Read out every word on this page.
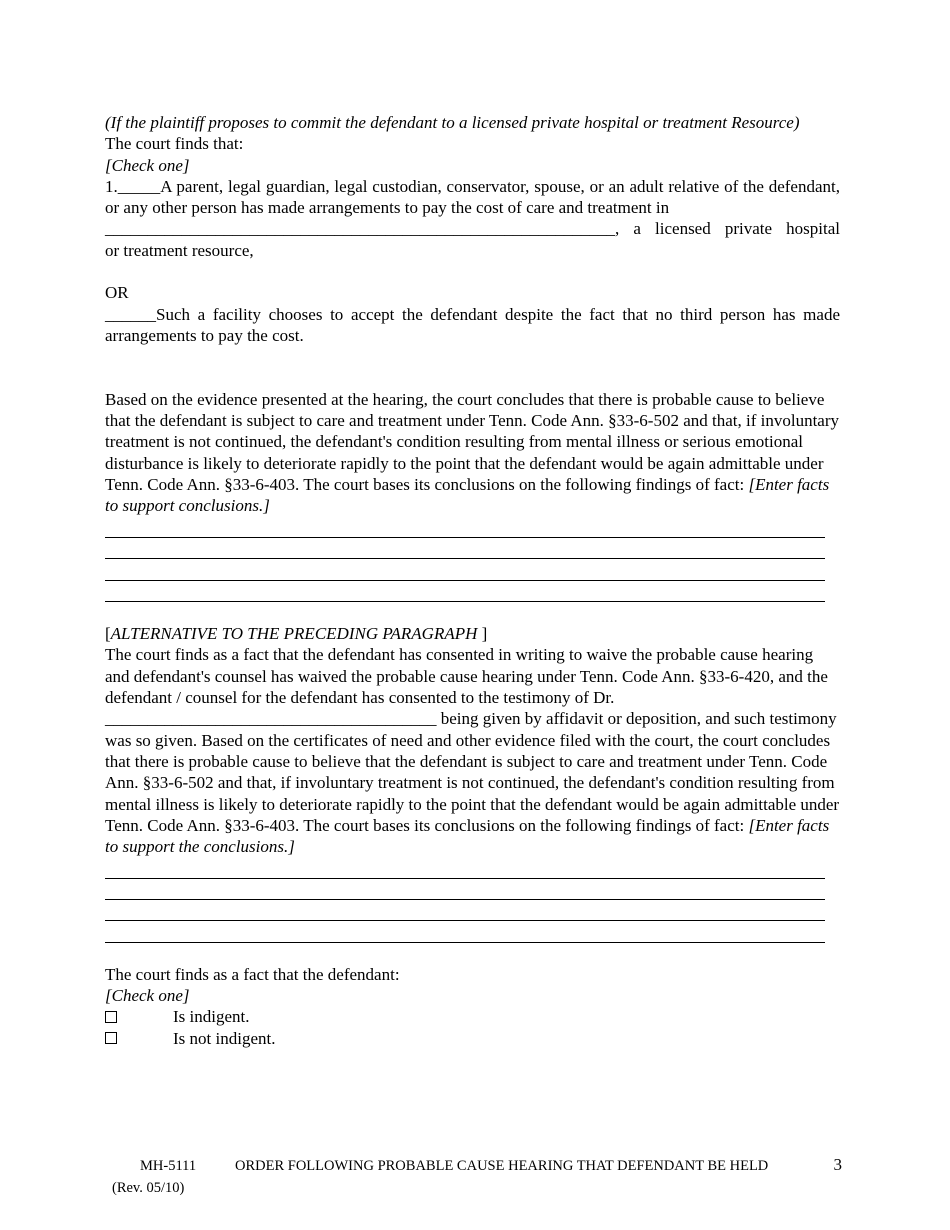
(If the plaintiff proposes to commit the defendant to a licensed private hospital or treatment Resource)

The court finds that:

[Check one]

1._____A parent, legal guardian, legal custodian, conservator, spouse, or an adult relative of the defendant, or any other person has made arrangements to pay the cost of care and treatment in

____________________________________________________________ , a licensed private hospital

or treatment resource,

OR

______Such a facility chooses to accept the defendant despite the fact that no third person has made arrangements to pay the cost.

Based on the evidence presented at the hearing, the court concludes that there is probable cause to believe that the defendant is subject to care and treatment under Tenn. Code Ann. §33-6-502 and that, if involuntary treatment is not continued, the defendant's condition resulting from mental illness or serious emotional disturbance is likely to deteriorate rapidly to the point that the defendant would be again admittable under Tenn. Code Ann. §33-6-403. The court bases its conclusions on the following findings of fact: [Enter facts to support conclusions.]

[ALTERNATIVE TO THE PRECEDING PARAGRAPH ]

The court finds as a fact that the defendant has consented in writing to waive the probable cause hearing and defendant's counsel has waived the probable cause hearing under Tenn. Code Ann. §33-6-420, and the defendant / counsel for the defendant has consented to the testimony of Dr. _______________________________________ being given by affidavit or deposition, and such testimony was so given. Based on the certificates of need and other evidence filed with the court, the court concludes that there is probable cause to believe that the defendant is subject to care and treatment under Tenn. Code Ann. §33-6-502 and that, if involuntary treatment is not continued, the defendant's condition resulting from mental illness is likely to deteriorate rapidly to the point that the defendant would be again admittable under Tenn. Code Ann. §33-6-403. The court bases its conclusions on the following findings of fact: [Enter facts to support the conclusions.]

The court finds as a fact that the defendant:

[Check one]

Is indigent.
Is not indigent.
MH-5111	ORDER FOLLOWING PROBABLE CAUSE HEARING THAT DEFENDANT BE HELD	3
(Rev. 05/10)
